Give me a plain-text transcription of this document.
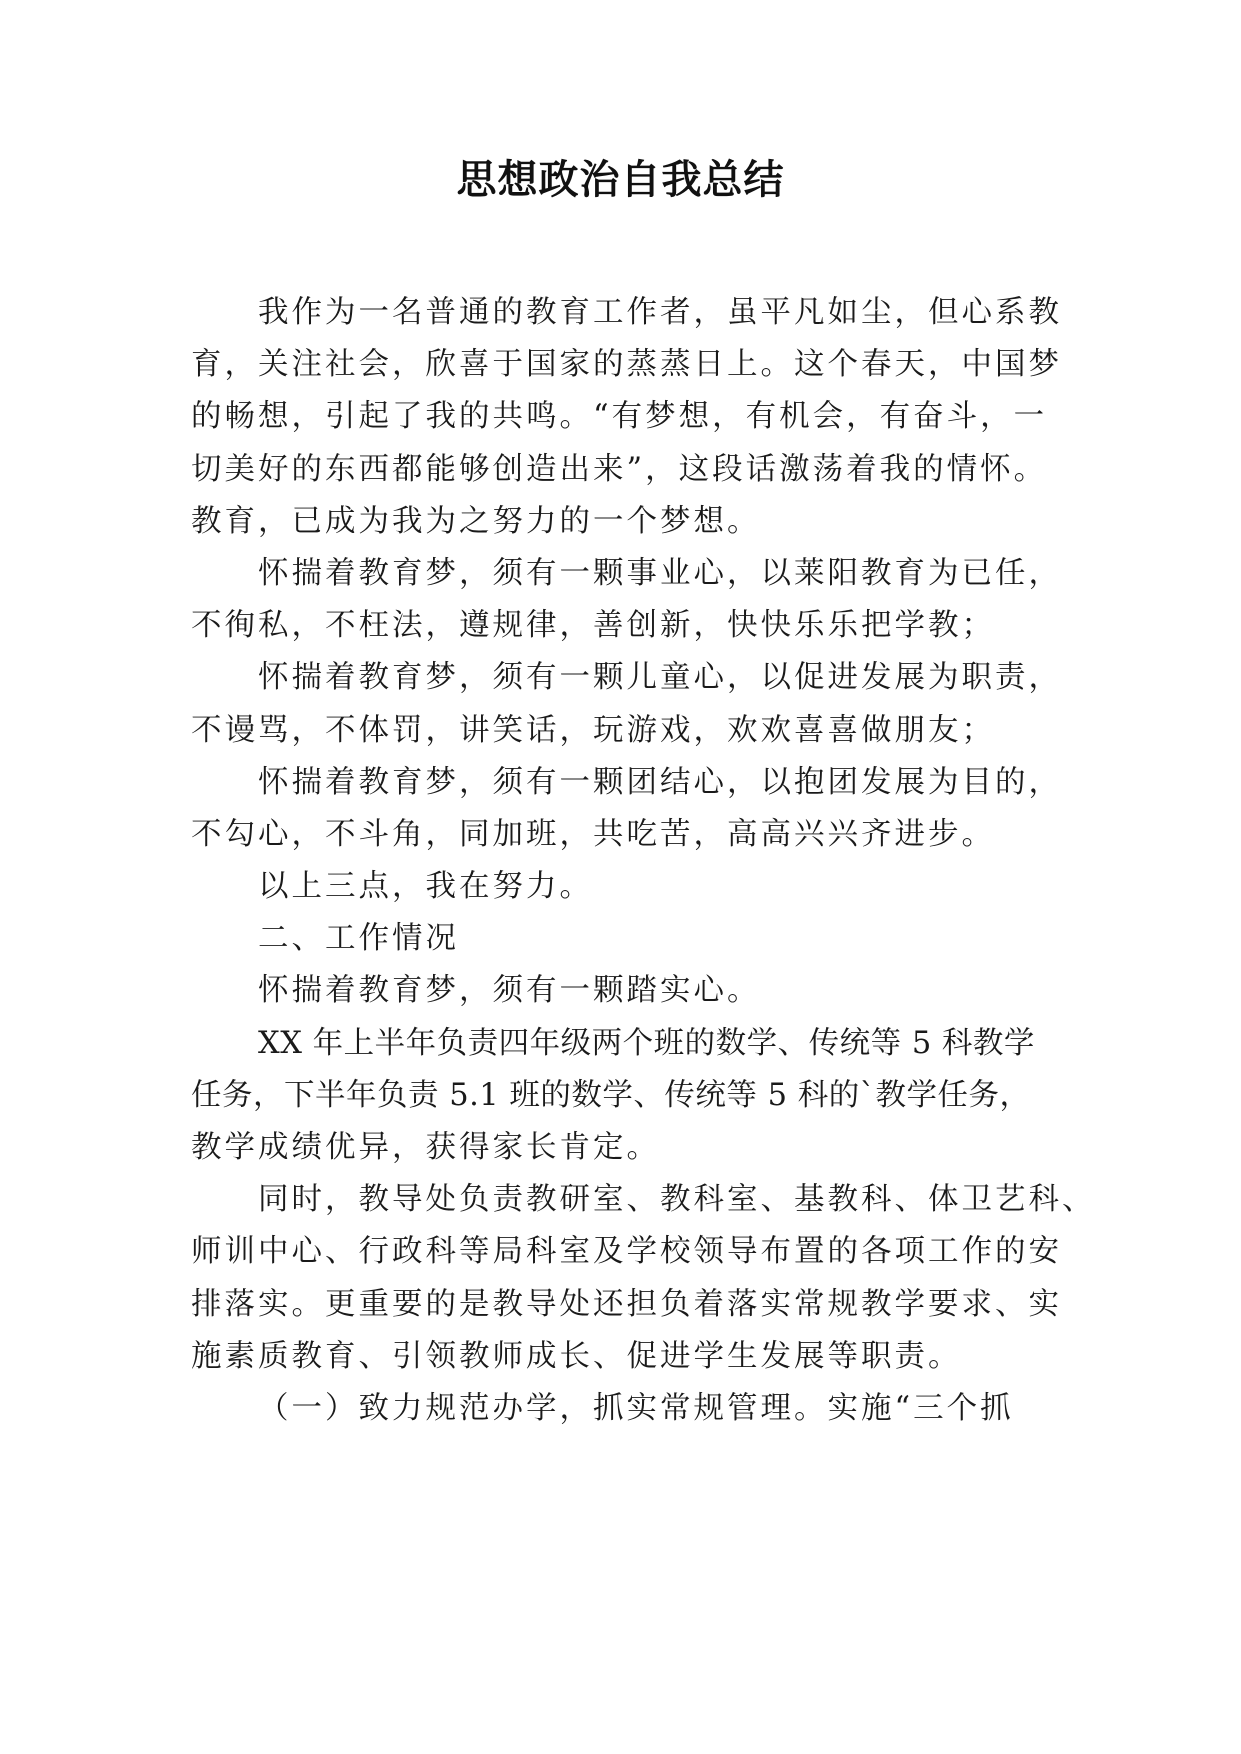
思想政治自我总结
我作为一名普通的教育工作者，虽平凡如尘，但心系教
育，关注社会，欣喜于国家的蒸蒸日上。这个春天，中国梦
的畅想，引起了我的共鸣。“有梦想，有机会，有奋斗，一
切美好的东西都能够创造出来”，这段话激荡着我的情怀。
教育，已成为我为之努力的一个梦想。
怀揣着教育梦，须有一颗事业心，以莱阳教育为已任，
不徇私，不枉法，遵规律，善创新，快快乐乐把学教；
怀揣着教育梦，须有一颗儿童心，以促进发展为职责，
不谩骂，不体罚，讲笑话，玩游戏，欢欢喜喜做朋友；
怀揣着教育梦，须有一颗团结心，以抱团发展为目的，
不勾心，不斗角，同加班，共吃苦，高高兴兴齐进步。
以上三点，我在努力。
二、工作情况
怀揣着教育梦，须有一颗踏实心。
XX 年上半年负责四年级两个班的数学、传统等 5 科教学
任务，下半年负责 5.1 班的数学、传统等 5 科的`教学任务，
教学成绩优异，获得家长肯定。
同时，教导处负责教研室、教科室、基教科、体卫艺科、
师训中心、行政科等局科室及学校领导布置的各项工作的安
排落实。更重要的是教导处还担负着落实常规教学要求、实
施素质教育、引领教师成长、促进学生发展等职责。
（一）致力规范办学，抓实常规管理。实施“三个抓
